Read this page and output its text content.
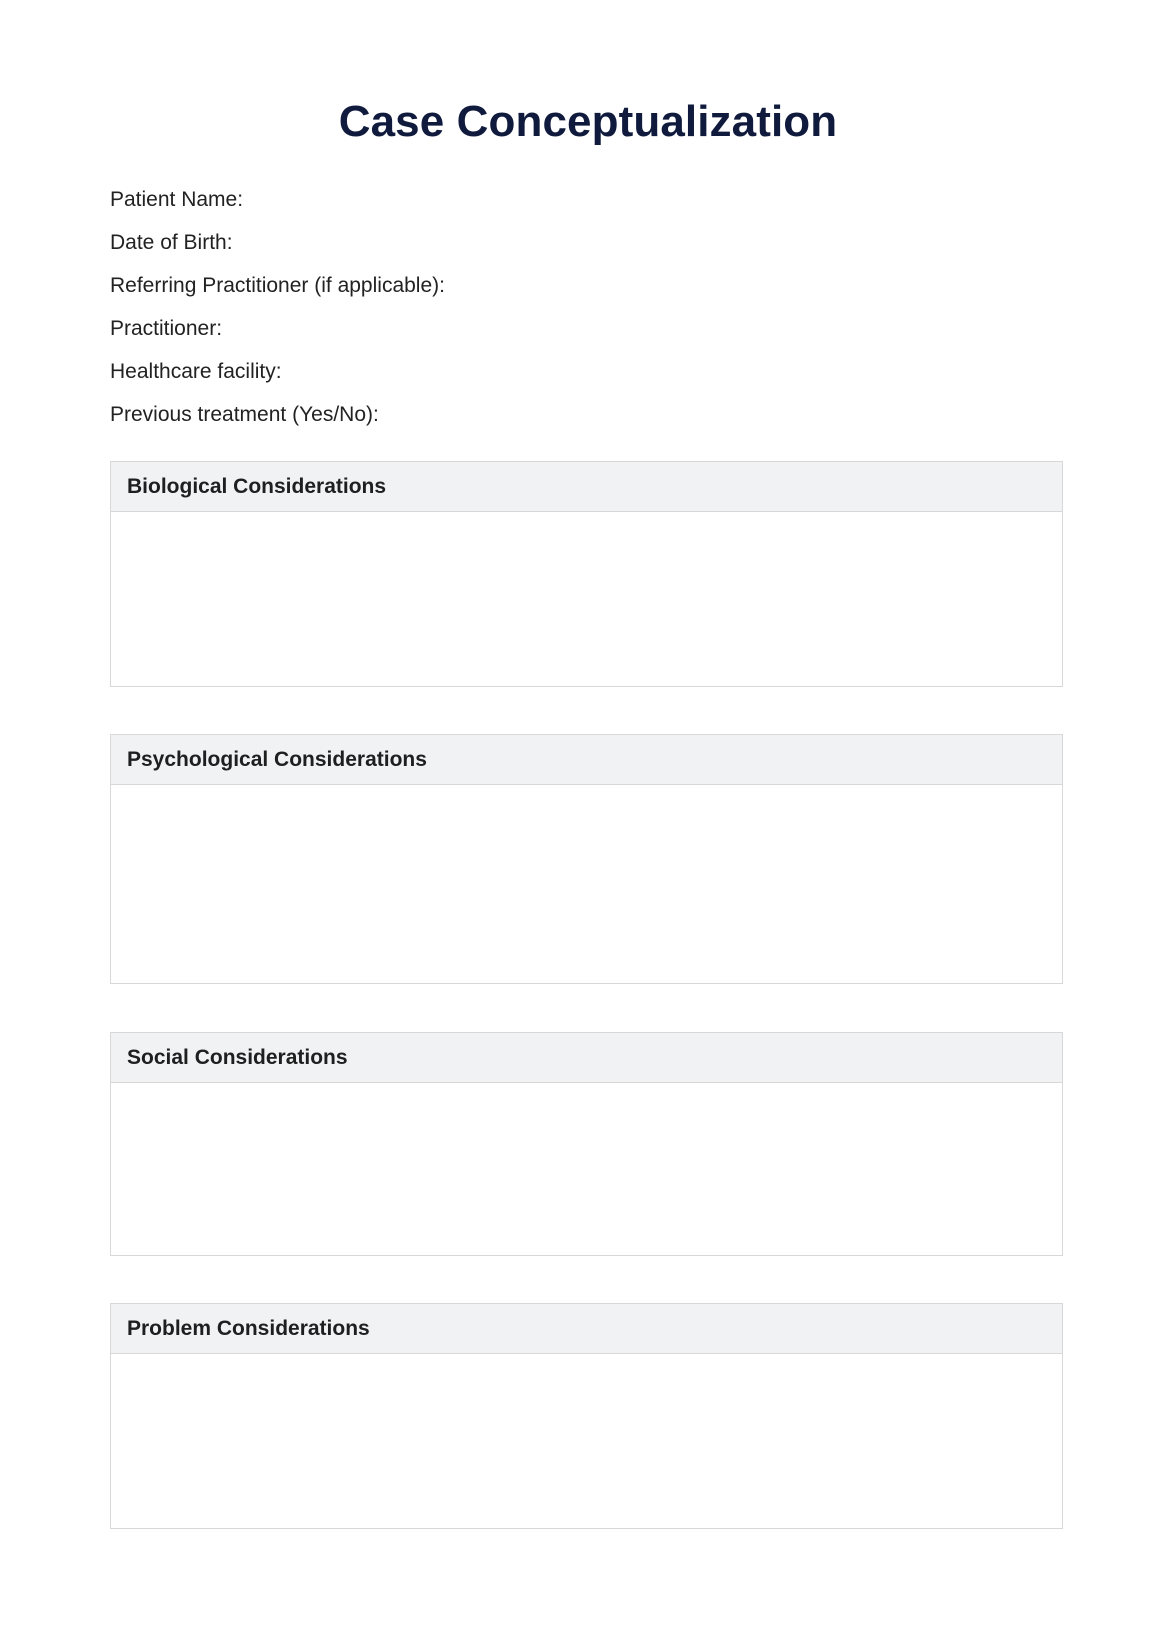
Case Conceptualization
Patient Name:
Date of Birth:
Referring Practitioner (if applicable):
Practitioner:
Healthcare facility:
Previous treatment (Yes/No):
Biological Considerations
Psychological Considerations
Social Considerations
Problem Considerations
